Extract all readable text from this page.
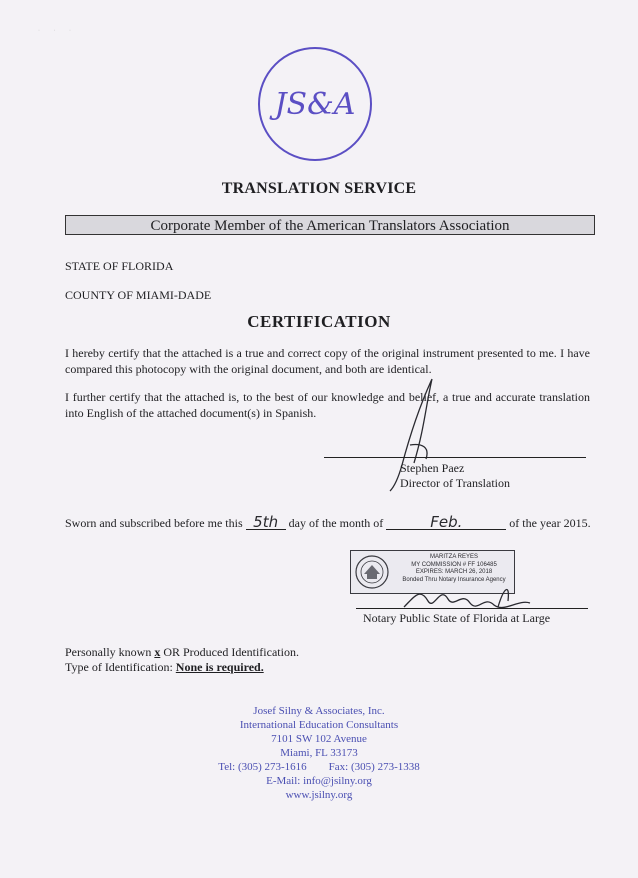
· · ·
JS&A
TRANSLATION SERVICE
Corporate Member of the American Translators Association
STATE OF FLORIDA
COUNTY OF MIAMI-DADE
CERTIFICATION
I hereby certify that the attached is a true and correct copy of the original instrument presented to me. I have compared this photocopy with the original document, and both are identical.
I further certify that the attached is, to the best of our knowledge and belief, a true and accurate translation into English of the attached document(s) in Spanish.
Stephen Paez
Director of Translation
Sworn and subscribed before me this 5th day of the month of	Feb.	of the year 2015.
MARITZA REYES
MY COMMISSION # FF 106485
EXPIRES: MARCH 26, 2018
Bonded Thru Notary Insurance Agency
Notary Public State of Florida at Large
Personally known x OR Produced Identification.
Type of Identification: None is required.
Josef Silny & Associates, Inc.
International Education Consultants
7101 SW 102 Avenue
Miami, FL 33173
Tel: (305) 273-1616        Fax: (305) 273-1338
E-Mail: info@jsilny.org
www.jsilny.org
